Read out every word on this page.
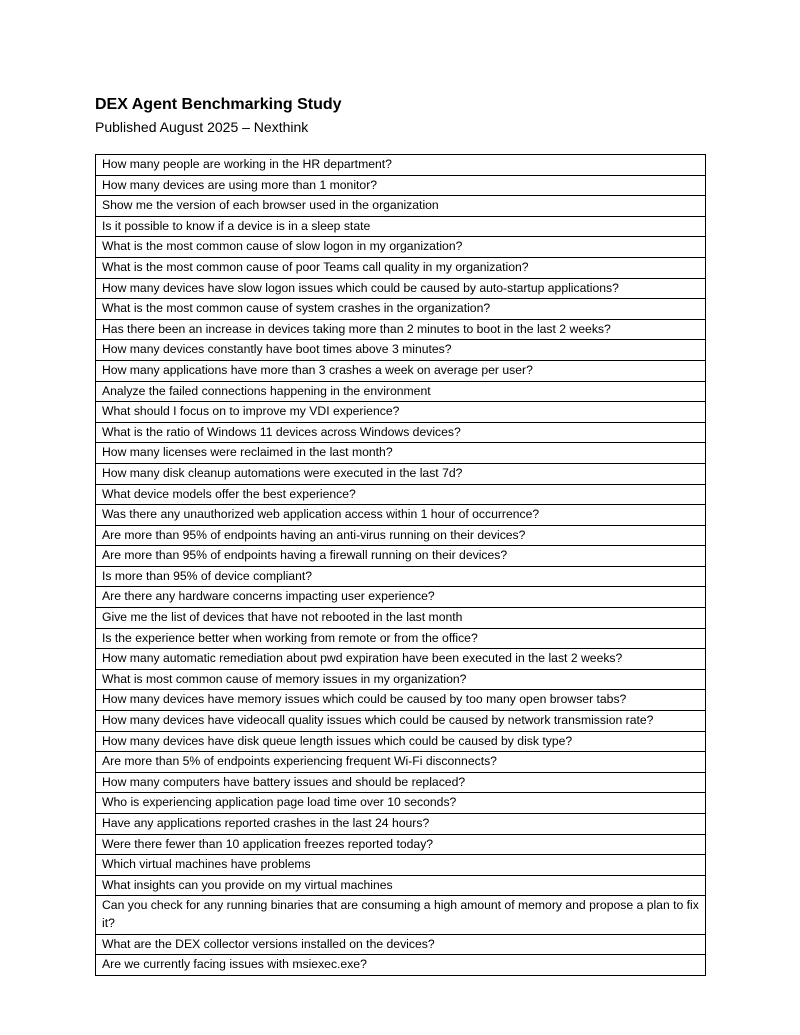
DEX Agent Benchmarking Study
Published August 2025 – Nexthink
How many people are working in the HR department?
How many devices are using more than 1 monitor?
Show me the version of each browser used in the organization
Is it possible to know if a device is in a sleep state
What is the most common cause of slow logon in my organization?
What is the most common cause of poor Teams call quality in my organization?
How many devices have slow logon issues which could be caused by auto-startup applications?
What is the most common cause of system crashes in the organization?
Has there been an increase in devices taking more than 2 minutes to boot in the last 2 weeks?
How many devices constantly have boot times above 3 minutes?
How many applications have more than 3 crashes a week on average per user?
Analyze the failed connections happening in the environment
What should I focus on to improve my VDI experience?
What is the ratio of Windows 11 devices across Windows devices?
How many licenses were reclaimed in the last month?
How many disk cleanup automations were executed in the last 7d?
What device models offer the best experience?
Was there any unauthorized web application access within 1 hour of occurrence?
Are more than 95% of endpoints having an anti-virus running on their devices?
Are more than 95% of endpoints having a firewall running on their devices?
Is more than 95% of device compliant?
Are there any hardware concerns impacting user experience?
Give me the list of devices that have not rebooted in the last month
Is the experience better when working from remote or from the office?
How many automatic remediation about pwd expiration have been executed in the last 2 weeks?
What is most common cause of memory issues in my organization?
How many devices have memory issues which could be caused by too many open browser tabs?
How many devices have videocall quality issues which could be caused by network transmission rate?
How many devices have disk queue length issues which could be caused by disk type?
Are more than 5% of endpoints experiencing frequent Wi-Fi disconnects?
How many computers have battery issues and should be replaced?
Who is experiencing application page load time over 10 seconds?
Have any applications reported crashes in the last 24 hours?
Were there fewer than 10 application freezes reported today?
Which virtual machines have problems
What insights can you provide on my virtual machines
Can you check for any running binaries that are consuming a high amount of memory and propose a plan to fix it?
What are the DEX collector versions installed on the devices?
Are we currently facing issues with msiexec.exe?
